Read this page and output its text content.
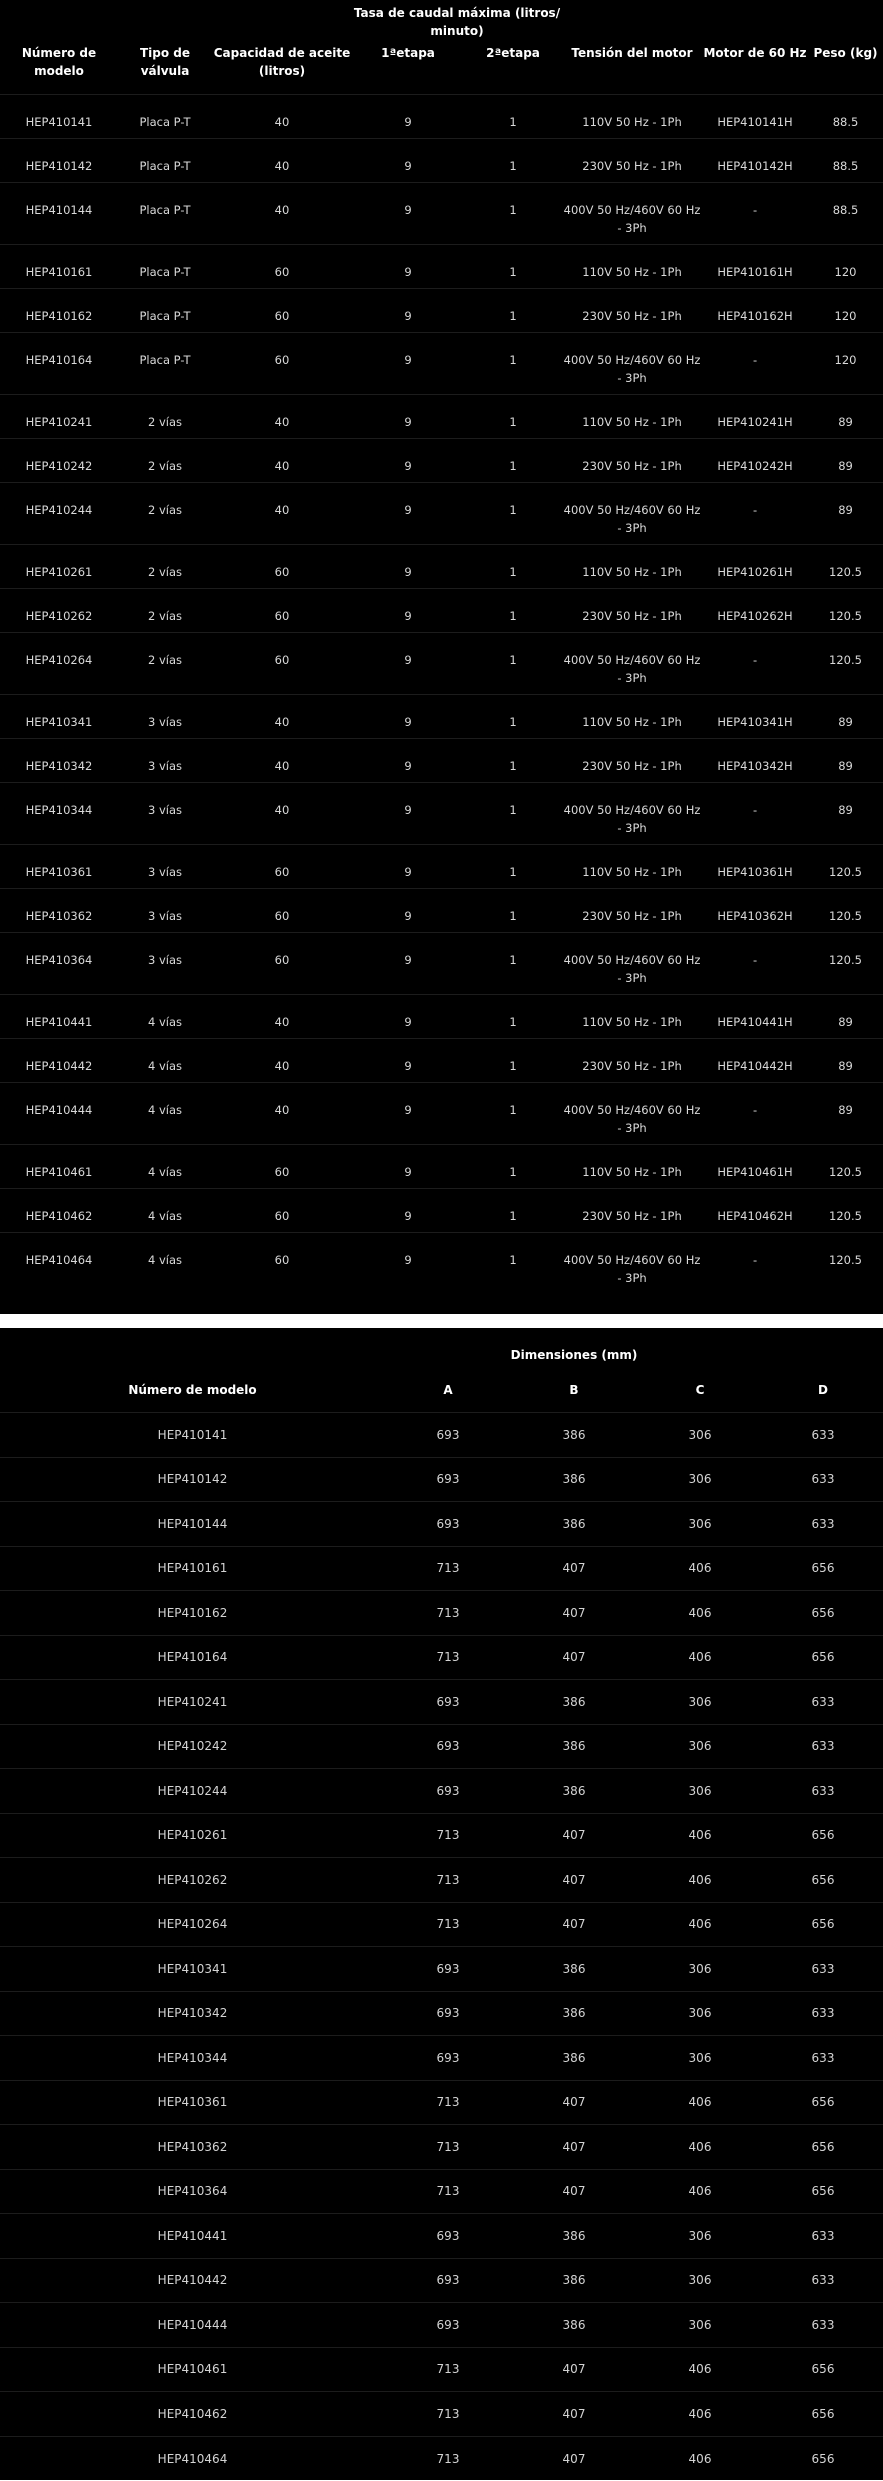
			Tasa de caudal máxima (litros/ minuto)				
Número de modelo	Tipo de válvula	Capacidad de aceite (litros)	1ªetapa	2ªetapa	Tensión del motor	Motor de 60 Hz	Peso (kg)
HEP410141	Placa P-T	40	9	1	110V 50 Hz - 1Ph	HEP410141H	88.5
HEP410142	Placa P-T	40	9	1	230V 50 Hz - 1Ph	HEP410142H	88.5
HEP410144	Placa P-T	40	9	1	400V 50 Hz/460V 60 Hz - 3Ph	-	88.5
HEP410161	Placa P-T	60	9	1	110V 50 Hz - 1Ph	HEP410161H	120
HEP410162	Placa P-T	60	9	1	230V 50 Hz - 1Ph	HEP410162H	120
HEP410164	Placa P-T	60	9	1	400V 50 Hz/460V 60 Hz - 3Ph	-	120
HEP410241	2 vías	40	9	1	110V 50 Hz - 1Ph	HEP410241H	89
HEP410242	2 vías	40	9	1	230V 50 Hz - 1Ph	HEP410242H	89
HEP410244	2 vías	40	9	1	400V 50 Hz/460V 60 Hz - 3Ph	-	89
HEP410261	2 vías	60	9	1	110V 50 Hz - 1Ph	HEP410261H	120.5
HEP410262	2 vías	60	9	1	230V 50 Hz - 1Ph	HEP410262H	120.5
HEP410264	2 vías	60	9	1	400V 50 Hz/460V 60 Hz - 3Ph	-	120.5
HEP410341	3 vías	40	9	1	110V 50 Hz - 1Ph	HEP410341H	89
HEP410342	3 vías	40	9	1	230V 50 Hz - 1Ph	HEP410342H	89
HEP410344	3 vías	40	9	1	400V 50 Hz/460V 60 Hz - 3Ph	-	89
HEP410361	3 vías	60	9	1	110V 50 Hz - 1Ph	HEP410361H	120.5
HEP410362	3 vías	60	9	1	230V 50 Hz - 1Ph	HEP410362H	120.5
HEP410364	3 vías	60	9	1	400V 50 Hz/460V 60 Hz - 3Ph	-	120.5
HEP410441	4 vías	40	9	1	110V 50 Hz - 1Ph	HEP410441H	89
HEP410442	4 vías	40	9	1	230V 50 Hz - 1Ph	HEP410442H	89
HEP410444	4 vías	40	9	1	400V 50 Hz/460V 60 Hz - 3Ph	-	89
HEP410461	4 vías	60	9	1	110V 50 Hz - 1Ph	HEP410461H	120.5
HEP410462	4 vías	60	9	1	230V 50 Hz - 1Ph	HEP410462H	120.5
HEP410464	4 vías	60	9	1	400V 50 Hz/460V 60 Hz - 3Ph	-	120.5
	Dimensiones (mm)			
Número de modelo	A	B	C	D
HEP410141	693	386	306	633
HEP410142	693	386	306	633
HEP410144	693	386	306	633
HEP410161	713	407	406	656
HEP410162	713	407	406	656
HEP410164	713	407	406	656
HEP410241	693	386	306	633
HEP410242	693	386	306	633
HEP410244	693	386	306	633
HEP410261	713	407	406	656
HEP410262	713	407	406	656
HEP410264	713	407	406	656
HEP410341	693	386	306	633
HEP410342	693	386	306	633
HEP410344	693	386	306	633
HEP410361	713	407	406	656
HEP410362	713	407	406	656
HEP410364	713	407	406	656
HEP410441	693	386	306	633
HEP410442	693	386	306	633
HEP410444	693	386	306	633
HEP410461	713	407	406	656
HEP410462	713	407	406	656
HEP410464	713	407	406	656
